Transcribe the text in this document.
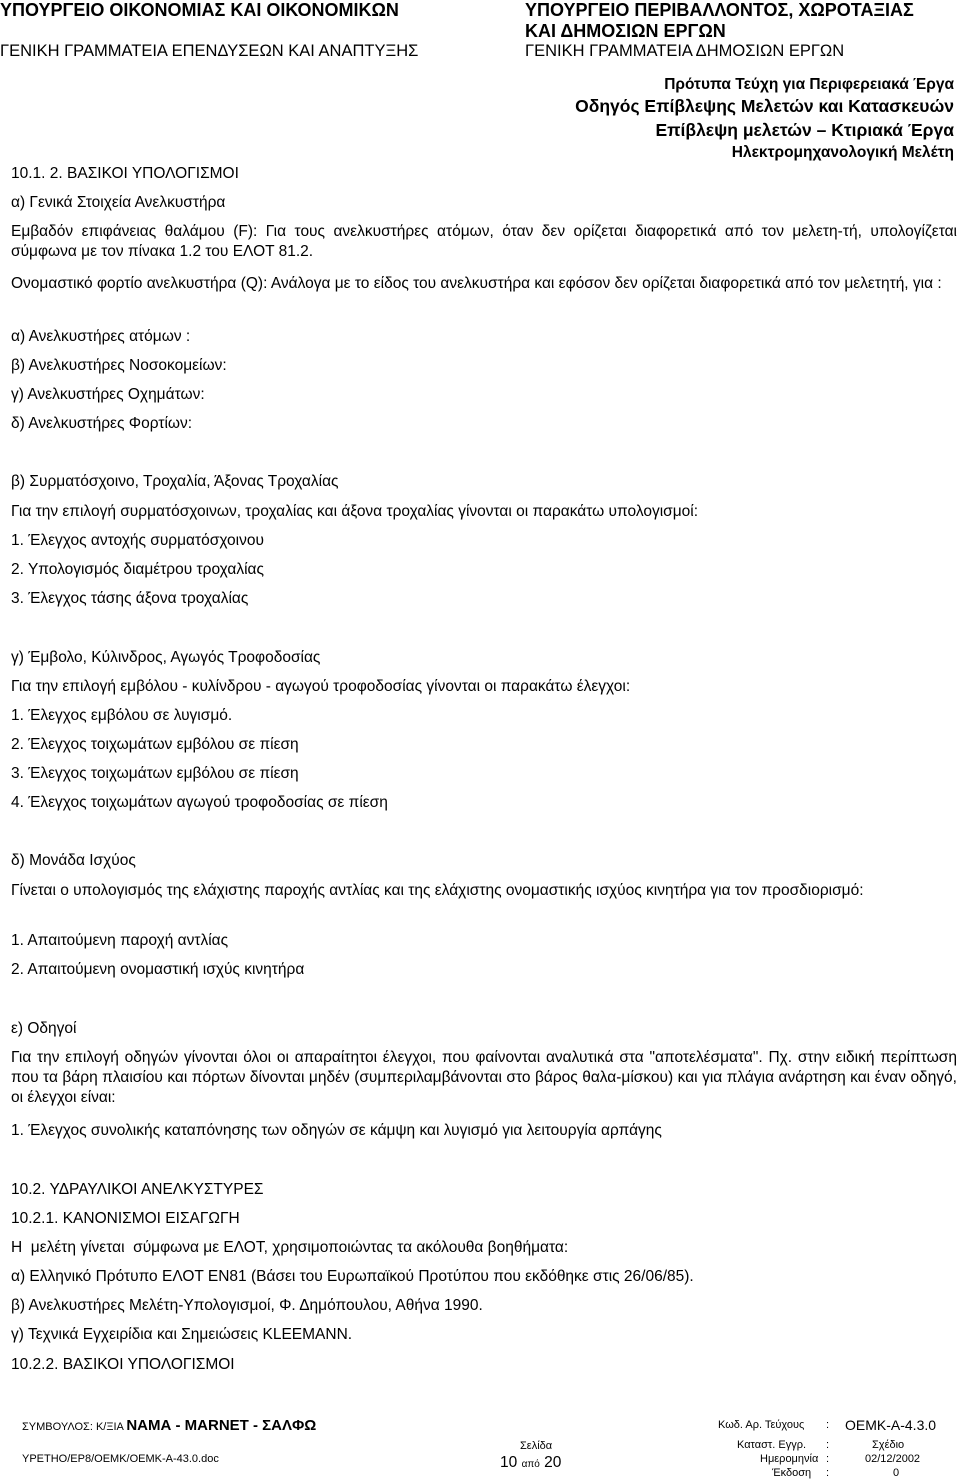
ΥΠΟΥΡΓΕΙΟ ΟΙΚΟΝΟΜΙΑΣ ΚΑΙ ΟΙΚΟΝΟΜΙΚΩΝ
ΓΕΝΙΚΗ ΓΡΑΜΜΑΤΕΙΑ ΕΠΕΝΔΥΣΕΩΝ ΚΑΙ ΑΝΑΠΤΥΞΗΣ
ΥΠΟΥΡΓΕΙΟ ΠΕΡΙΒΑΛΛΟΝΤΟΣ, ΧΩΡΟΤΑΞΙΑΣ
ΚΑΙ ΔΗΜΟΣΙΩΝ ΕΡΓΩΝ
ΓΕΝΙΚΗ ΓΡΑΜΜΑΤΕΙΑ ΔΗΜΟΣΙΩΝ ΕΡΓΩΝ
Πρότυπα Τεύχη για Περιφερειακά Έργα
Οδηγός Επίβλεψης Μελετών και Κατασκευών
Επίβλεψη μελετών – Κτιριακά Έργα
Ηλεκτρομηχανολογική Μελέτη
10.1. 2. ΒΑΣΙΚΟΙ ΥΠΟΛΟΓΙΣΜΟΙ
α) Γενικά Στοιχεία Ανελκυστήρα
Εμβαδόν επιφάνειας θαλάμου (F): Για τους ανελκυστήρες ατόμων, όταν δεν ορίζεται διαφορετικά από τον μελετη-τή, υπολογίζεται σύμφωνα με τον πίνακα 1.2 του ΕΛΟΤ 81.2.
Ονομαστικό φορτίο ανελκυστήρα (Q): Ανάλογα με το είδος του ανελκυστήρα και εφόσον δεν ορίζεται διαφορετικά από τον μελετητή, για :
α) Ανελκυστήρες ατόμων :
β) Ανελκυστήρες Νοσοκομείων:
γ) Ανελκυστήρες Οχημάτων:
δ) Ανελκυστήρες Φορτίων:
β) Συρματόσχοινο, Τροχαλία, Άξονας Τροχαλίας
Για την επιλογή συρματόσχοινων, τροχαλίας και άξονα τροχαλίας γίνονται οι παρακάτω υπολογισμοί:
1. Έλεγχος αντοχής συρματόσχοινου
2. Υπολογισμός διαμέτρου τροχαλίας
3. Έλεγχος τάσης άξονα τροχαλίας
γ) Έμβολο, Κύλινδρος, Αγωγός Τροφοδοσίας
Για την επιλογή εμβόλου - κυλίνδρου - αγωγού τροφοδοσίας γίνονται οι παρακάτω έλεγχοι:
1. Έλεγχος εμβόλου σε λυγισμό.
2. Έλεγχος τοιχωμάτων εμβόλου σε πίεση
3. Έλεγχος τοιχωμάτων εμβόλου σε πίεση
4. Έλεγχος τοιχωμάτων αγωγού τροφοδοσίας σε πίεση
δ) Μονάδα Ισχύος
Γίνεται ο υπολογισμός της ελάχιστης παροχής αντλίας και της ελάχιστης ονομαστικής ισχύος κινητήρα για τον προσδιορισμό:
1. Απαιτούμενη παροχή αντλίας
2. Απαιτούμενη ονομαστική ισχύς κινητήρα
ε) Οδηγοί
Για την επιλογή οδηγών γίνονται όλοι οι απαραίτητοι έλεγχοι, που φαίνονται αναλυτικά στα "αποτελέσματα". Πχ. στην ειδική περίπτωση που τα βάρη πλαισίου και πόρτων δίνονται μηδέν (συμπεριλαμβάνονται στο βάρος θαλα-μίσκου) και για πλάγια ανάρτηση και έναν οδηγό, οι έλεγχοι είναι:
1. Έλεγχος συνολικής καταπόνησης των οδηγών σε κάμψη και λυγισμό για λειτουργία αρπάγης
10.2. ΥΔΡΑΥΛΙΚΟΙ ΑΝΕΛΚΥΣΤΥΡΕΣ
10.2.1. ΚΑΝΟΝΙΣΜΟΙ ΕΙΣΑΓΩΓΗ
Η  μελέτη γίνεται  σύμφωνα με ΕΛΟΤ, χρησιμοποιώντας τα ακόλουθα βοηθήματα:
α) Ελληνικό Πρότυπο ΕΛΟΤ ΕΝ81 (Βάσει του Ευρωπαϊκού Προτύπου που εκδόθηκε στις 26/06/85).
β) Ανελκυστήρες Μελέτη-Υπολογισμοί, Φ. Δημόπουλου, Αθήνα 1990.
γ) Τεχνικά Εγχειρίδια και Σημειώσεις KLEEMANN.
10.2.2. ΒΑΣΙΚΟΙ ΥΠΟΛΟΓΙΣΜΟΙ
ΣΥΜΒΟΥΛΟΣ: Κ/ΞΙΑ ΝΑΜΑ - ΜΑRΝΕΤ - ΣΑΛΦΩ
ΥΡΕΤΗΟ/ΕΡ8/ΟΕΜΚ/ΟΕΜΚ-Α-43.0.doc
Σελίδα
10 από 20
Κωδ. Αρ. Τεύχους : ΟΕΜΚ-Α-4.3.0
Καταστ. Εγγρ. :	Σχέδιο
Ημερομηνία :	02/12/2002
Έκδοση :	0
